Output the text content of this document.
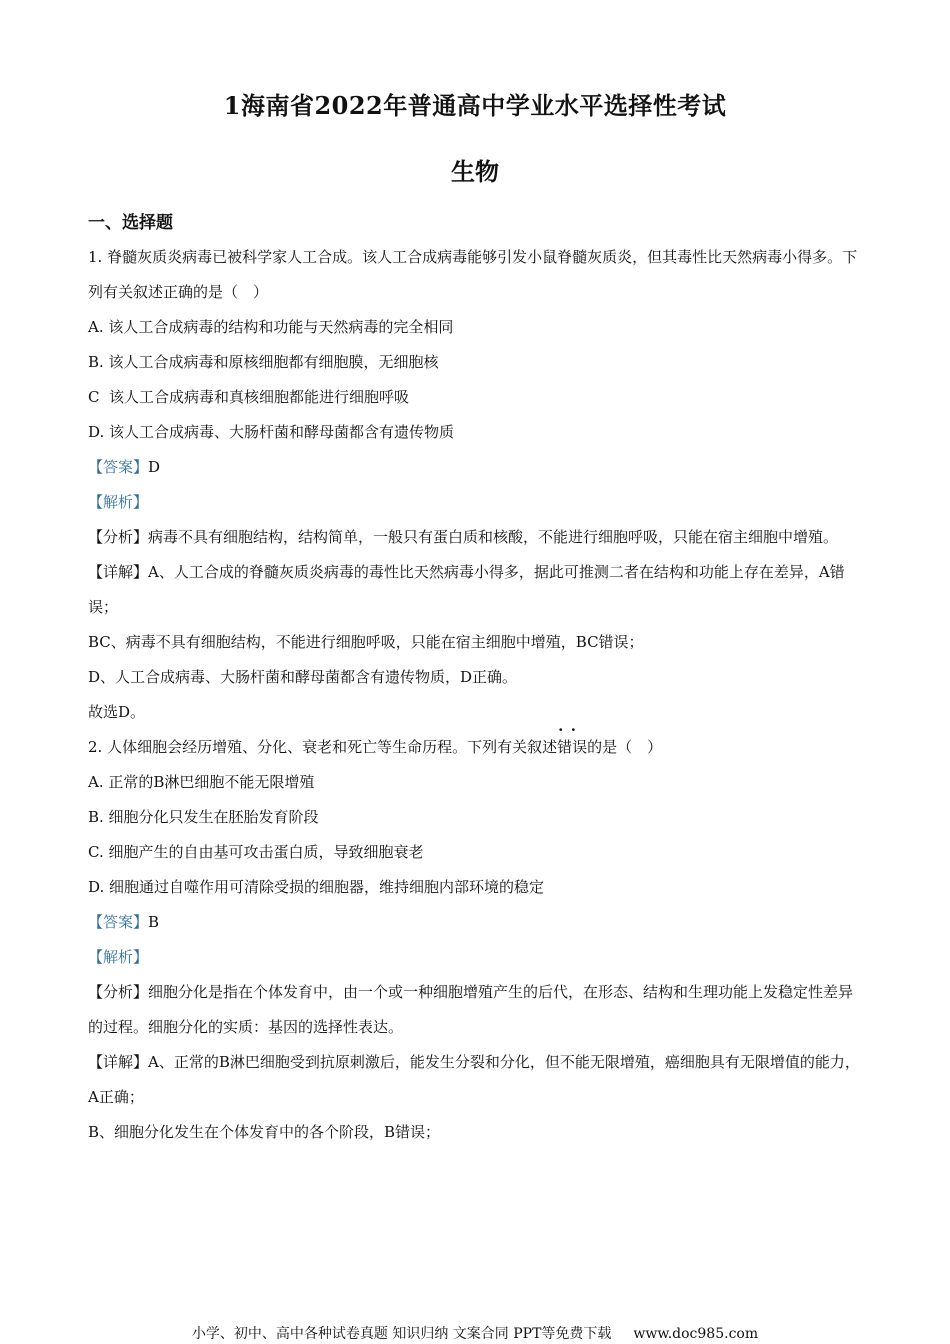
1海南省2022年普通高中学业水平选择性考试
生物
一、选择题
1. 脊髓灰质炎病毒已被科学家人工合成。该人工合成病毒能够引发小鼠脊髓灰质炎，但其毒性比天然病毒小得多。下列有关叙述正确的是（　）
A. 该人工合成病毒的结构和功能与天然病毒的完全相同
B. 该人工合成病毒和原核细胞都有细胞膜，无细胞核
C  该人工合成病毒和真核细胞都能进行细胞呼吸
D. 该人工合成病毒、大肠杆菌和酵母菌都含有遗传物质
【答案】D
【解析】
【分析】病毒不具有细胞结构，结构简单，一般只有蛋白质和核酸，不能进行细胞呼吸，只能在宿主细胞中增殖。
【详解】A、人工合成的脊髓灰质炎病毒的毒性比天然病毒小得多，据此可推测二者在结构和功能上存在差异，A错误；
BC、病毒不具有细胞结构，不能进行细胞呼吸，只能在宿主细胞中增殖，BC错误；
D、人工合成病毒、大肠杆菌和酵母菌都含有遗传物质，D正确。
故选D。
2. 人体细胞会经历增殖、分化、衰老和死亡等生命历程。下列有关叙述· · 错误的是（　）
A. 正常的B淋巴细胞不能无限增殖
B. 细胞分化只发生在胚胎发育阶段
C. 细胞产生的自由基可攻击蛋白质，导致细胞衰老
D. 细胞通过自噬作用可清除受损的细胞器，维持细胞内部环境的稳定
【答案】B
【解析】
【分析】细胞分化是指在个体发育中，由一个或一种细胞增殖产生的后代，在形态、结构和生理功能上发稳定性差异的过程。细胞分化的实质：基因的选择性表达。
【详解】A、正常的B淋巴细胞受到抗原刺激后，能发生分裂和分化，但不能无限增殖，癌细胞具有无限增值的能力，A正确；
B、细胞分化发生在个体发育中的各个阶段，B错误；
小学、初中、高中各种试卷真题 知识归纳 文案合同 PPT等免费下载 www.doc985.com
